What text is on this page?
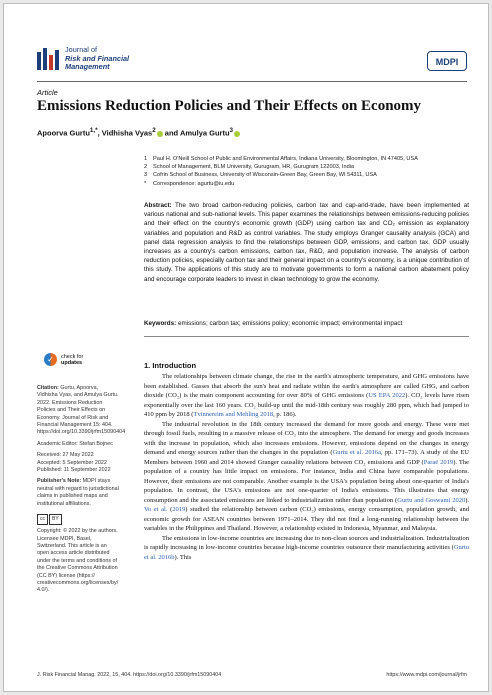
Journal of
Risk and Financial
Management	MDPI
Article
Emissions Reduction Policies and Their Effects on Economy
Apoorva Gurtu$^{1,*}$, Vidhisha Vyas$^2$ and Amulya Gurtu$^3$
1	Paul H. O'Neill School of Public and Environmental Affairs, Indiana University, Bloomington, IN 47405, USA
2	School of Management, BLM University, Gurugram, HR, Gurugram 122003, India
3	Cofrin School of Business, University of Wisconsin-Green Bay, Green Bay, WI 54311, USA
*	Correspondence: agurtu@iu.edu
Abstract: The two broad carbon-reducing policies, carbon tax and cap-and-trade, have been implemented at various national and sub-national levels. This paper examines the relationships between emissions-reducing policies and their effect on the country's economic growth (GDP) using carbon tax and CO₂ emission as explanatory variables and population and R&D as control variables. The study employs Granger causality analysis (GCA) and panel data regression analysis to find the relationships between GDP, emissions, and carbon tax. GDP usually increases as a country's carbon emissions, carbon tax, R&D, and population increase. The analysis of carbon reduction policies, especially carbon tax and their general impact on a country's economy, is a unique contribution of this study. The applications of this study are to motivate governments to form a national carbon abatement policy and encourage corporate leaders to invest in clean technology to grow the economy.
Keywords: emissions; carbon tax; emissions policy; economic impact; environmental impact
✓	check for
updates

Citation: Gurtu, Apoorva, Vidhisha Vyas, and Amulya Gurtu. 2022. Emissions Reduction Policies and Their Effects on Economy. Journal of Risk and Financial Management 15: 404. https://doi.org/10.3390/jrfm15090404

Academic Editor: Stefan Bojnec

Received: 27 May 2022
Accepted: 5 September 2022

Published: 11 September 2022

Publisher's Note: MDPI stays neutral with regard to jurisdictional claims in published maps and institutional affiliations.

cc	BY

Copyright: © 2022 by the authors. Licensee MDPI, Basel, Switzerland. This article is an open access article distributed under the terms and conditions of the Creative Commons Attribution (CC BY) license (https:// creativecommons.org/licenses/by/ 4.0/).

1. Introduction

The relationships between climate change, the rise in the earth's atmospheric temperature, and GHG emissions have been established. Gasses that absorb the sun's heat and radiate within the earth's atmosphere are called GHG, and carbon dioxide (CO₂) is the main component accounting for over 80% of GHG emissions (US EPA 2022). CO₂ levels have risen exponentially over the last 160 years. CO₂ build-up until the mid-18th century was roughly 280 ppm, which had jumped to 410 ppm by 2018 (Tvinnereim and Mehling 2018, p. 186).

The industrial revolution in the 18th century increased the demand for more goods and energy. These were met through fossil fuels, resulting in a massive release of CO₂ into the atmosphere. The demand for energy and goods increases with the increase in population, which also increases emissions. However, emissions depend on the changes in energy demand and energy sources rather than the changes in the population (Gurtu et al. 2016a, pp. 171–73). A study of the EU Members between 1960 and 2014 showed Granger causality relations between CO₂ emissions and GDP (Paraë 2019). The population of a country has little impact on emissions. For instance, India and China have comparable populations. However, their emissions are not comparable. Another example is the USA's population being about one-quarter of India's population. In contrast, the USA's emissions are not one-quarter of India's emissions. This illustrates that energy consumption and the associated emissions are linked to industrialization rather than population (Gurtu and Goswami 2020). Vo et al. (2019) studied the relationship between carbon (CO₂) emissions, energy consumption, population growth, and economic growth for ASEAN countries between 1971–2014. They did not find a long-running relationship between the variables in the Philippines and Thailand. However, a relationship existed in Indonesia, Myanmar, and Malaysia.

The emissions in low-income countries are increasing due to non-clean sources and industrialization. Industrialization is rapidly increasing in low-income countries because high-income countries outsource their manufacturing activities (Gurtu et al. 2016b). This

J. Risk Financial Manag. 2022, 15, 404. https://doi.org/10.3390/jrfm15090404	https://www.mdpi.com/journal/jrfm
